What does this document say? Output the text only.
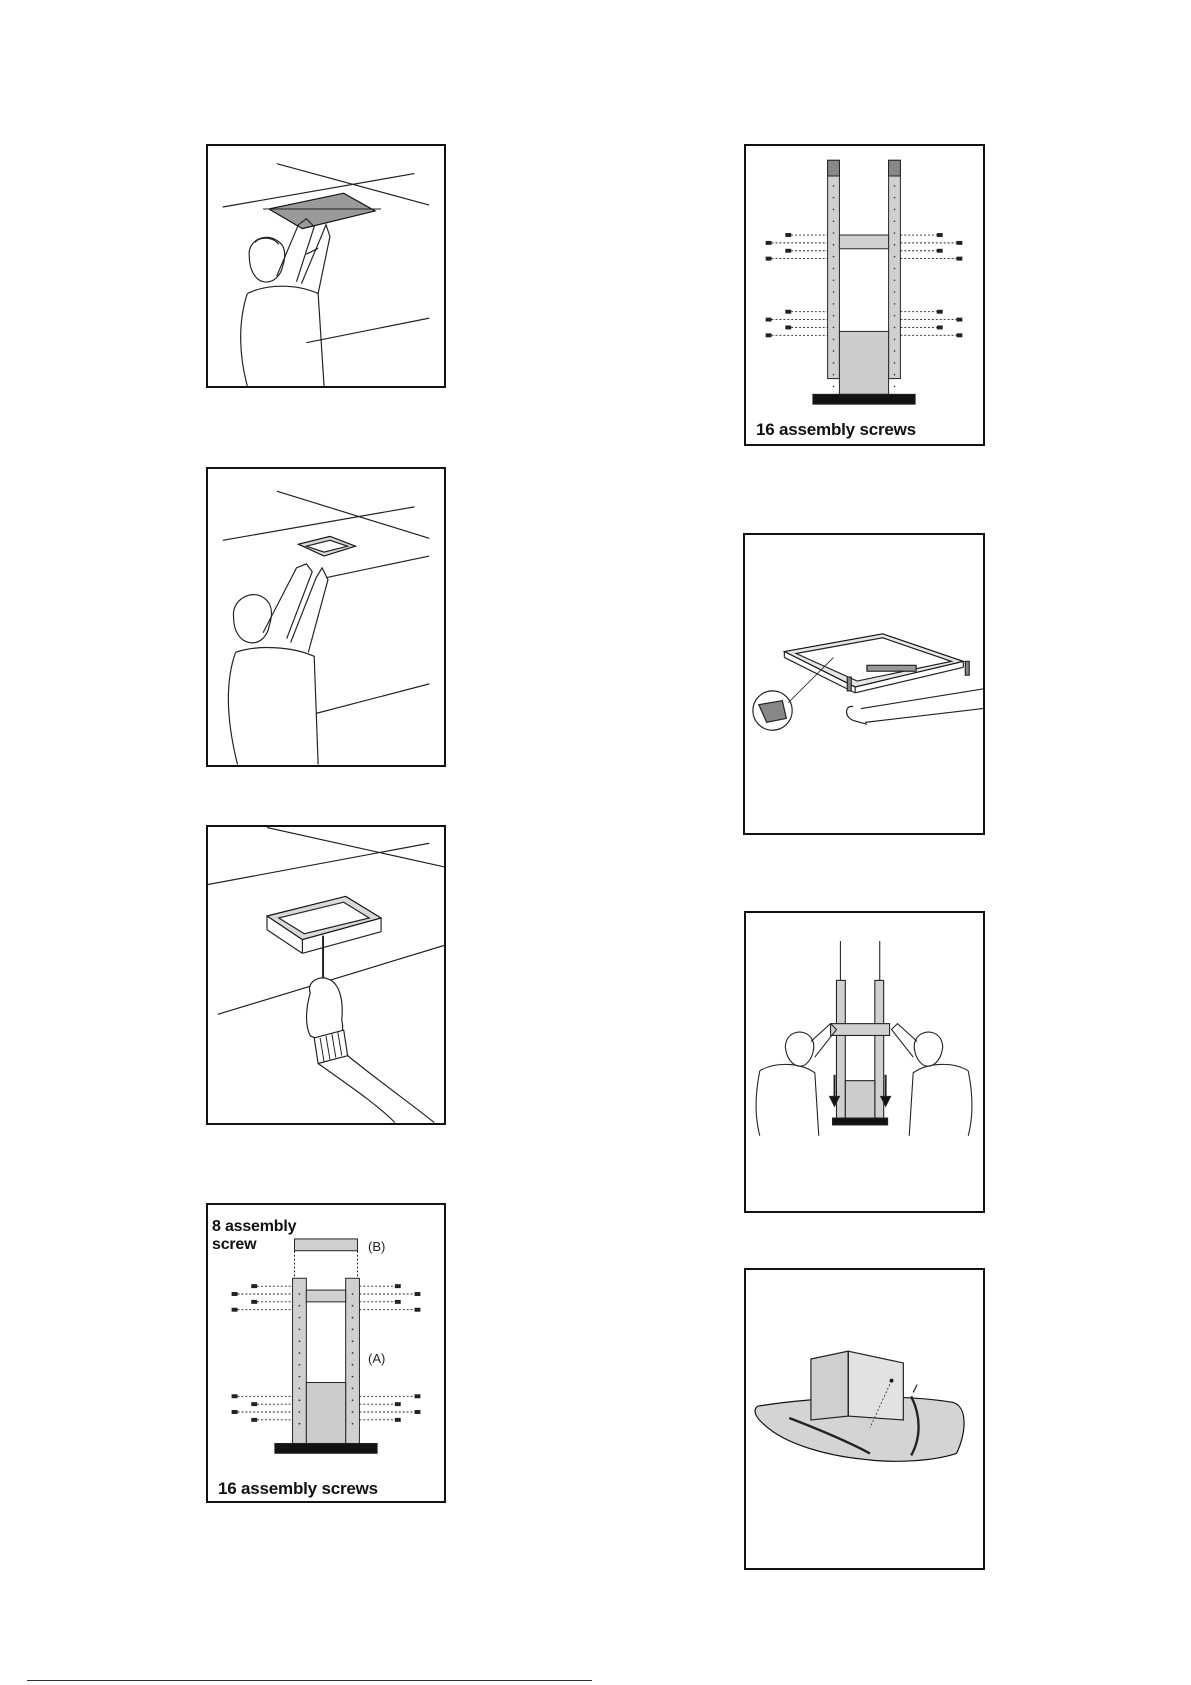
8 assembly
screw	(B)
(A)
16 assembly screws
16 assembly screws
